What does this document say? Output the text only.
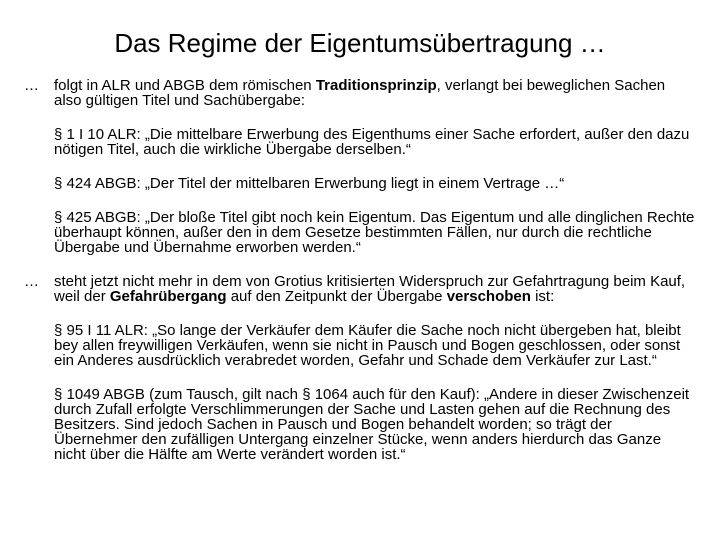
Das Regime der Eigentumsübertragung …
…	folgt in ALR und ABGB dem römischen Traditionsprinzip, verlangt bei beweglichen Sachen also gültigen Titel und Sachübergabe:
§ 1 I 10 ALR: „Die mittelbare Erwerbung des Eigenthums einer Sache erfordert, außer den dazu nötigen Titel, auch die wirkliche Übergabe derselben.“
§ 424 ABGB: „Der Titel der mittelbaren Erwerbung liegt in einem Vertrage …“
§ 425 ABGB: „Der bloße Titel gibt noch kein Eigentum. Das Eigentum und alle dinglichen Rechte überhaupt können, außer den in dem Gesetze bestimmten Fällen, nur durch die rechtliche Übergabe und Übernahme erworben werden.“
…	steht jetzt nicht mehr in dem von Grotius kritisierten Widerspruch zur Gefahrtragung beim Kauf, weil der Gefahrübergang auf den Zeitpunkt der Übergabe verschoben ist:
§ 95 I 11 ALR: „So lange der Verkäufer dem Käufer die Sache noch nicht übergeben hat, bleibt bey allen freywilligen Verkäufen, wenn sie nicht in Pausch und Bogen geschlossen, oder sonst ein Anderes ausdrücklich verabredet worden, Gefahr und Schade dem Verkäufer zur Last.“
§ 1049 ABGB (zum Tausch, gilt nach § 1064 auch für den Kauf): „Andere in dieser Zwischenzeit durch Zufall erfolgte Verschlimmerungen der Sache und Lasten gehen auf die Rechnung des Besitzers. Sind jedoch Sachen in Pausch und Bogen behandelt worden; so trägt der Übernehmer den zufälligen Untergang einzelner Stücke, wenn anders hierdurch das Ganze nicht über die Hälfte am Werte verändert worden ist.“
